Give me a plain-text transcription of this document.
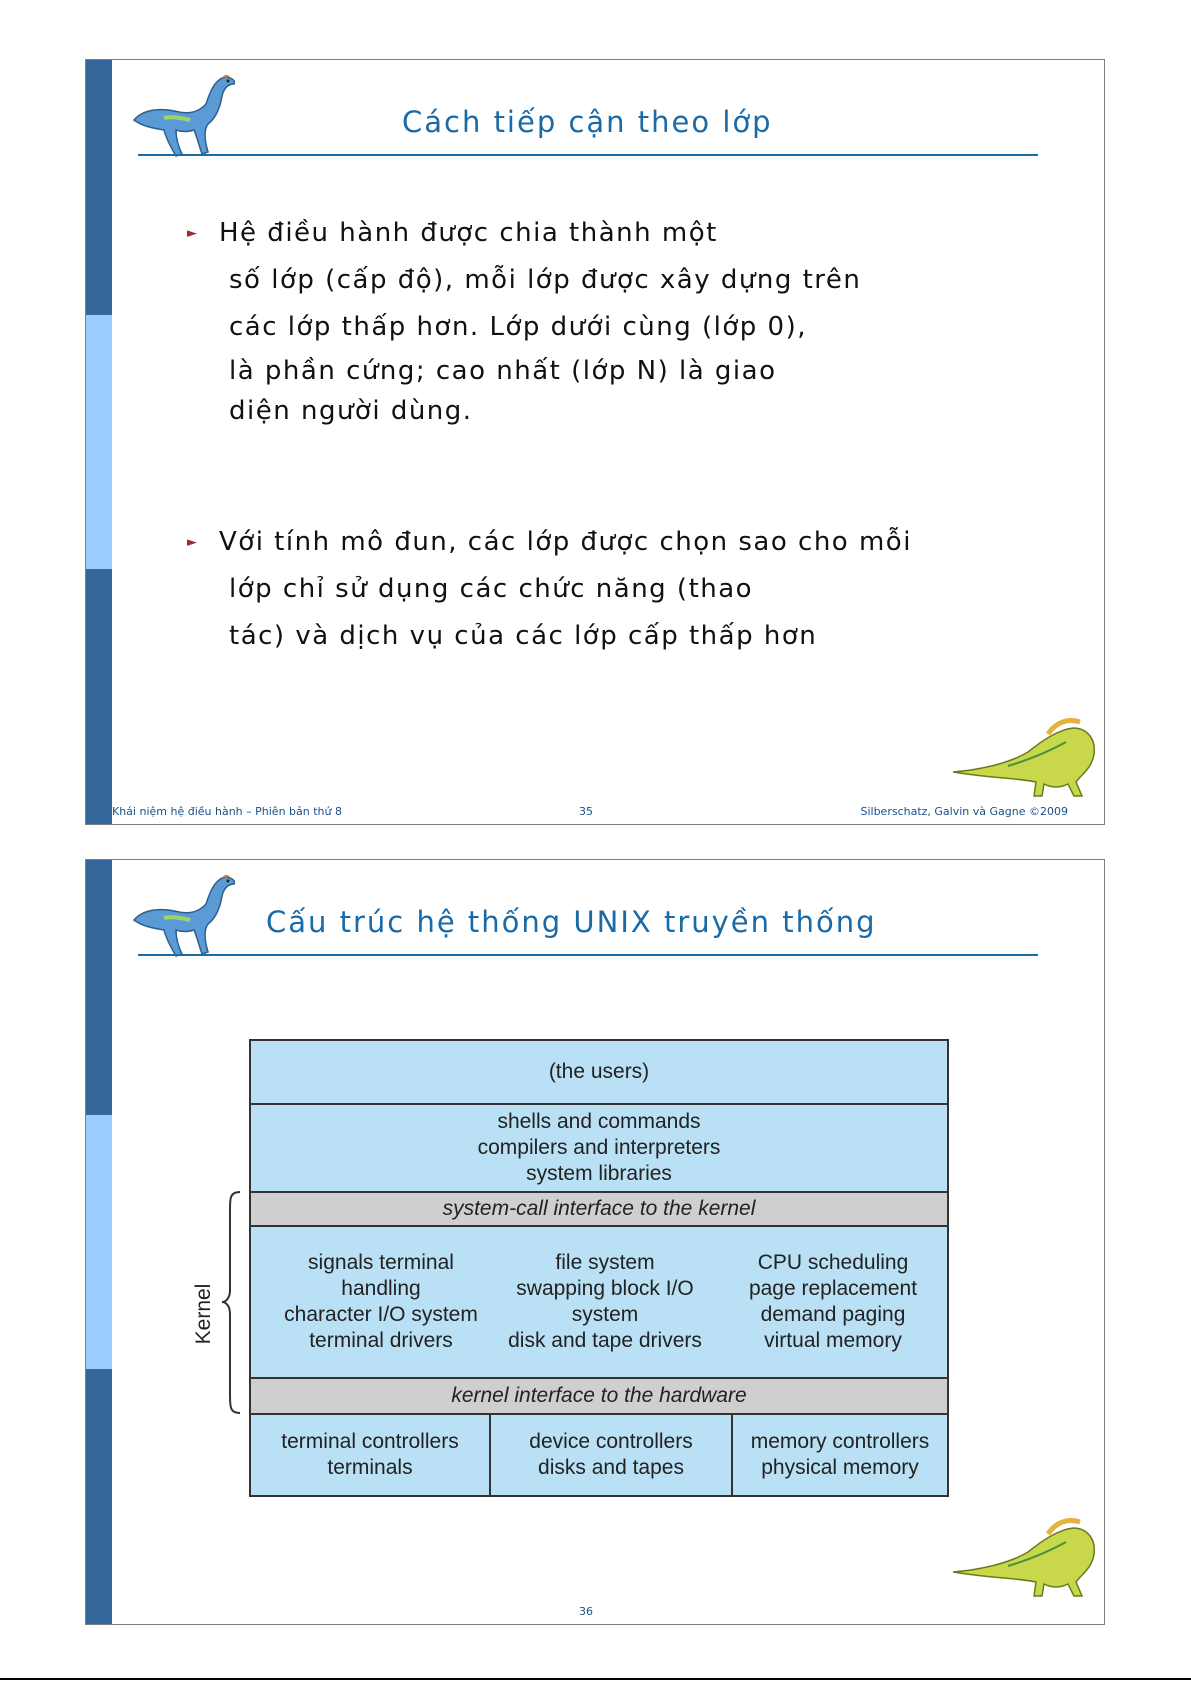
Cách tiếp cận theo lớp
► Hệ điều hành được chia thành một
số lớp (cấp độ), mỗi lớp được xây dựng trên
các lớp thấp hơn. Lớp dưới cùng (lớp 0),
là phần cứng; cao nhất (lớp N) là giao
diện người dùng.
► Với tính mô đun, các lớp được chọn sao cho mỗi
lớp chỉ sử dụng các chức năng (thao
tác) và dịch vụ của các lớp cấp thấp hơn
Khái niệm hệ điều hành – Phiên bản thứ 8	35	Silberschatz, Galvin và Gagne ©2009
Cấu trúc hệ thống UNIX truyền thống
Kernel
(the users)
shells and commands
compilers and interpreters
system libraries
system-call interface to the kernel
signals terminal
handling
character I/O system
terminal drivers
file system
swapping block I/O
system
disk and tape drivers
CPU scheduling
page replacement
demand paging
virtual memory
kernel interface to the hardware
terminal controllers
terminals
device controllers
disks and tapes
memory controllers
physical memory
36
